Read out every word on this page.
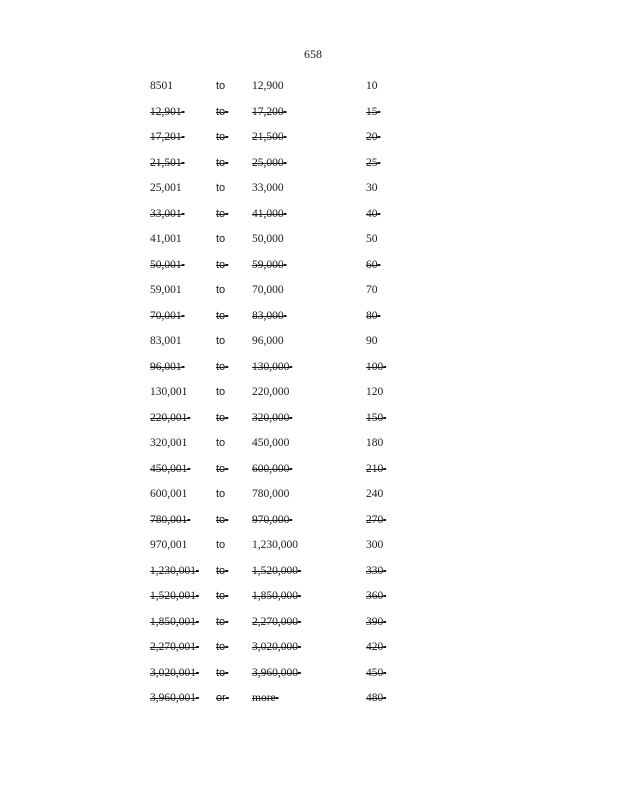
658
8501	to 12,900	10
12,901	to 17,200	15
17,201	to 21,500	20
21,501	to 25,000	25
25,001	to 33,000	30
33,001	to 41,000	40
41,001	to 50,000	50
50,001	to 59,000	60
59,001	to 70,000	70
70,001	to 83,000	80
83,001	to 96,000	90
96,001	to 130,000	100
130,001	to 220,000	120
220,001	to 320,000	150
320,001	to 450,000	180
450,001	to 600,000	210
600,001	to 780,000	240
780,001	to 970,000	270
970,001	to 1,230,000	300
1,230,001 to 1,520,000	330
1,520,001 to 1,850,000	360
1,850,001 to 2,270,000	390
2,270,001 to 3,020,000	420
3,020,001 to 3,960,000	450
3,960,001 or more	480
